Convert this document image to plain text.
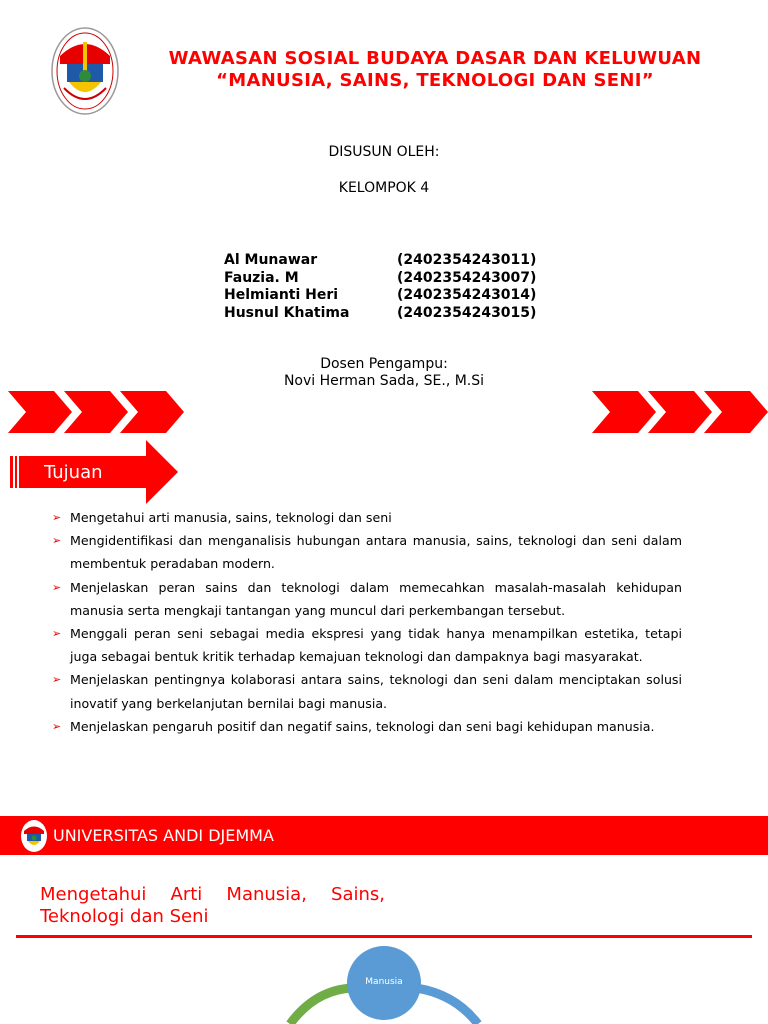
WAWASAN SOSIAL BUDAYA DASAR DAN KELUWUAN
“MANUSIA, SAINS, TEKNOLOGI DAN SENI”
DISUSUN OLEH:
KELOMPOK 4
Al Munawar	(2402354243011)
Fauzia. M	(2402354243007)
Helmianti Heri	(2402354243014)
Husnul Khatima	(2402354243015)
Dosen Pengampu:
Novi Herman Sada, SE., M.Si
Tujuan
➢ Mengetahui arti manusia, sains, teknologi dan seni
➢ Mengidentifikasi dan menganalisis hubungan antara manusia, sains, teknologi dan seni dalam membentuk peradaban modern.
➢ Menjelaskan peran sains dan teknologi dalam memecahkan masalah-masalah kehidupan manusia serta mengkaji tantangan yang muncul dari perkembangan tersebut.
➢ Menggali peran seni sebagai media ekspresi yang tidak hanya menampilkan estetika, tetapi juga sebagai bentuk kritik terhadap kemajuan teknologi dan dampaknya bagi masyarakat.
➢ Menjelaskan pentingnya kolaborasi antara sains, teknologi dan seni dalam menciptakan solusi inovatif yang berkelanjutan bernilai bagi manusia.
➢ Menjelaskan pengaruh positif dan negatif sains, teknologi dan seni bagi kehidupan manusia.
UNIVERSITAS ANDI DJEMMA
Mengetahui Arti Manusia, Sains, Teknologi dan Seni
Manusia
